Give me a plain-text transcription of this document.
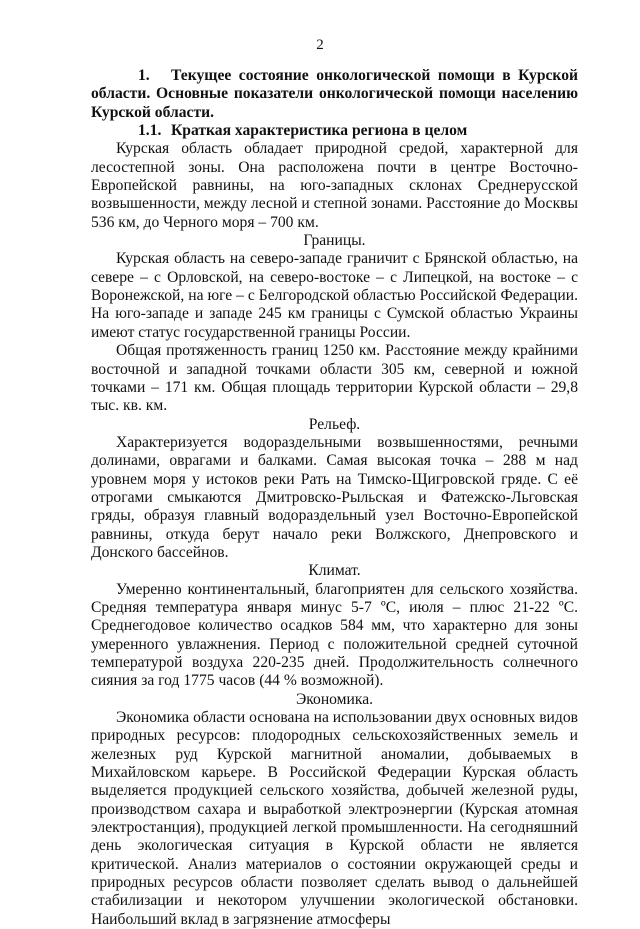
2

1. Текущее состояние онкологической помощи в Курской области. Основные показатели онкологической помощи населению Курской области.

1.1. Краткая характеристика региона в целом

Курская область обладает природной средой, характерной для лесостепной зоны. Она расположена почти в центре Восточно-Европейской равнины, на юго-западных склонах Среднерусской возвышенности, между лесной и степной зонами. Расстояние до Москвы 536 км, до Черного моря – 700 км.

Границы.

Курская область на северо-западе граничит с Брянской областью, на севере – с Орловской, на северо-востоке – с Липецкой, на востоке – с Воронежской, на юге – с Белгородской областью Российской Федерации. На юго-западе и западе 245 км границы с Сумской областью Украины имеют статус государственной границы России.

Общая протяженность границ 1250 км. Расстояние между крайними восточной и западной точками области 305 км, северной и южной точками – 171 км. Общая площадь территории Курской области – 29,8 тыс. кв. км.

Рельеф.

Характеризуется водораздельными возвышенностями, речными долинами, оврагами и балками. Самая высокая точка – 288 м над уровнем моря у истоков реки Рать на Тимско-Щигровской гряде. С её отрогами смыкаются Дмитровско-Рыльская и Фатежско-Льговская гряды, образуя главный водораздельный узел Восточно-Европейской равнины, откуда берут начало реки Волжского, Днепровского и Донского бассейнов.

Климат.

Умеренно континентальный, благоприятен для сельского хозяйства. Средняя температура января минус 5-7 ºС, июля – плюс 21-22 ºС. Среднегодовое количество осадков 584 мм, что характерно для зоны умеренного увлажнения. Период с положительной средней суточной температурой воздуха 220-235 дней. Продолжительность солнечного сияния за год 1775 часов (44 % возможной).

Экономика.

Экономика области основана на использовании двух основных видов природных ресурсов: плодородных сельскохозяйственных земель и железных руд Курской магнитной аномалии, добываемых в Михайловском карьере. В Российской Федерации Курская область выделяется продукцией сельского хозяйства, добычей железной руды, производством сахара и выработкой электроэнергии (Курская атомная электростанция), продукцией легкой промышленности. На сегодняшний день экологическая ситуация в Курской области не является критической. Анализ материалов о состоянии окружающей среды и природных ресурсов области позволяет сделать вывод о дальнейшей стабилизации и некотором улучшении экологической обстановки. Наибольший вклад в загрязнение атмосферы
